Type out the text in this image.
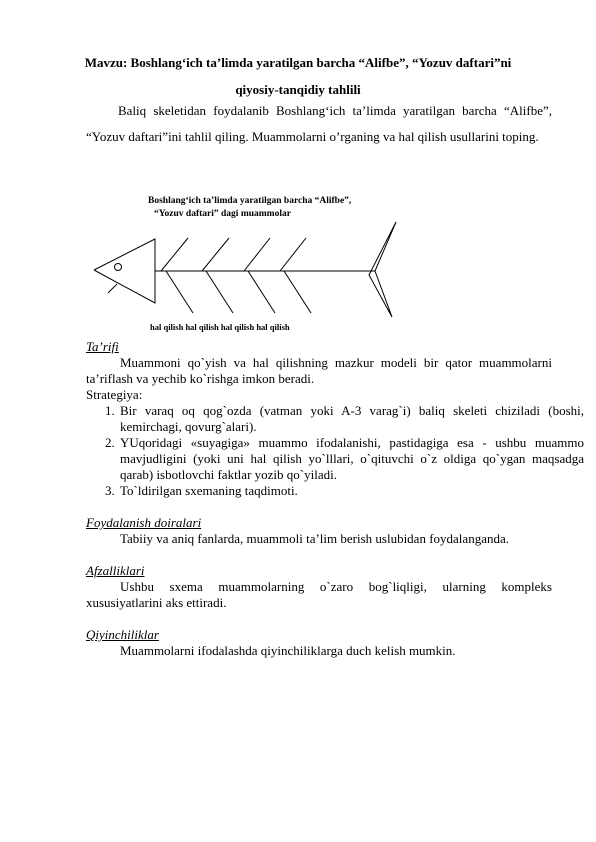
Mavzu: Boshlang‘ich ta’limda yaratilgan barcha “Alifbe”, “Yozuv daftari”ni
qiyosiy-tanqidiy tahlili
Baliq skeletidan foydalanib Boshlang‘ich ta’limda yaratilgan barcha “Alifbe”, “Yozuv daftari”ini tahlil qiling. Muammolarni o’rganing va hal qilish usullarini toping.
Boshlang‘ich ta’limda yaratilgan barcha “Alifbe”,
“Yozuv daftari” dagi muammolar
hal qilish hal qilish hal qilish hal qilish
Ta’rifi
Muammoni qo`yish va hal qilishning mazkur modeli bir qator muammolarni ta’riflash va yechib ko`rishga imkon beradi.
Strategiya:
1. Bir varaq oq qog`ozda (vatman yoki A-3 varag`i) baliq skeleti chiziladi (boshi, kemirchagi, qovurg`alari).
2. YUqoridagi «suyagiga» muammo ifodalanishi, pastidagiga esa - ushbu muammo mavjudligini (yoki uni hal qilish yo`lllari, o`qituvchi o`z oldiga qo`ygan maqsadga qarab) isbotlovchi faktlar yozib qo`yiladi.
3. To`ldirilgan sxemaning taqdimoti.
Foydalanish doiralari
Tabiiy va aniq fanlarda, muammoli ta’lim berish uslubidan foydalanganda.
Afzalliklari
Ushbu sxema muammolarning o`zaro bog`liqligi, ularning kompleks xususiyatlarini aks ettiradi.
Qiyinchiliklar
Muammolarni ifodalashda qiyinchiliklarga duch kelish mumkin.
